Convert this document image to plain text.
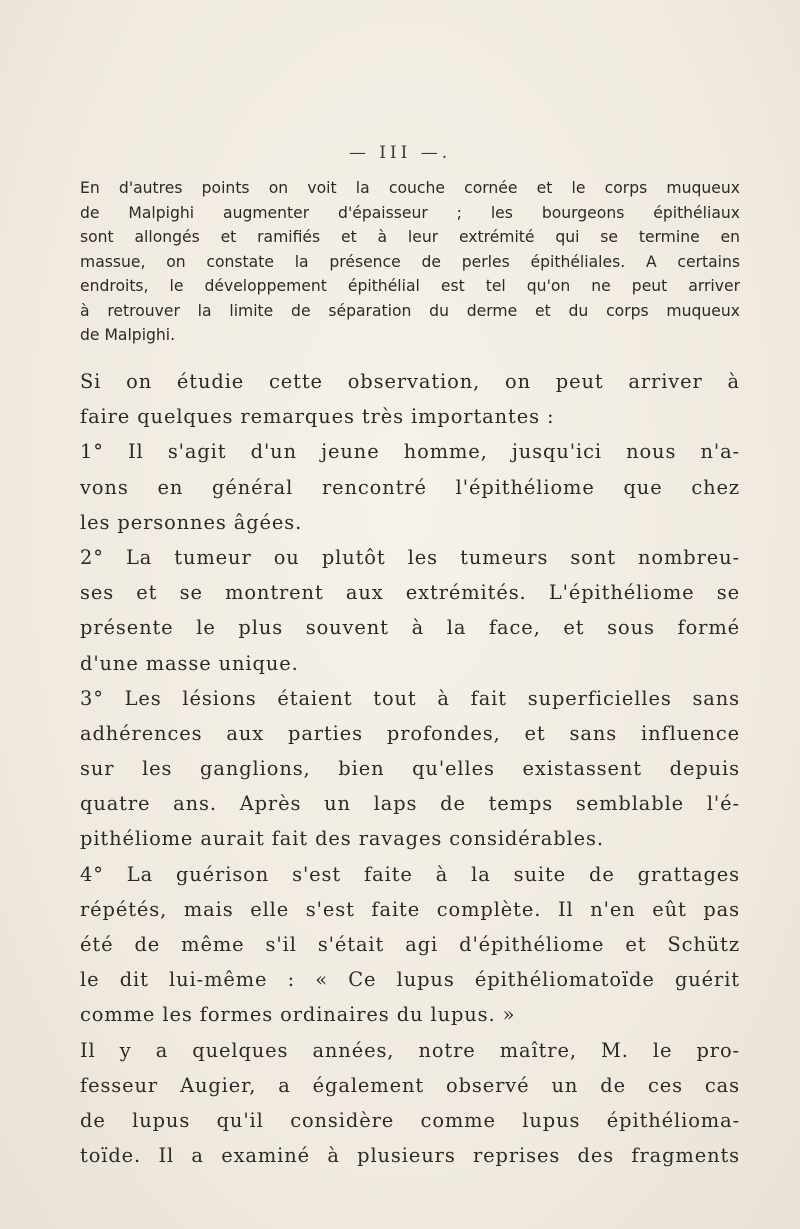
— III —.
En d'autres points on voit la couche cornée et le corps muqueux
de Malpighi augmenter d'épaisseur ; les bourgeons épithéliaux
sont allongés et ramifiés et à leur extrémité qui se termine en
massue, on constate la présence de perles épithéliales. A certains
endroits, le développement épithélial est tel qu'on ne peut arriver
à retrouver la limite de séparation du derme et du corps muqueux
de Malpighi.
Si on étudie cette observation, on peut arriver à
faire quelques remarques très importantes :
1° Il s'agit d'un jeune homme, jusqu'ici nous n'a-
vons en général rencontré l'épithéliome que chez
les personnes âgées.
2° La tumeur ou plutôt les tumeurs sont nombreu-
ses et se montrent aux extrémités. L'épithéliome se
présente le plus souvent à la face, et sous formé
d'une masse unique.
3° Les lésions étaient tout à fait superficielles sans
adhérences aux parties profondes, et sans influence
sur les ganglions, bien qu'elles existassent depuis
quatre ans. Après un laps de temps semblable l'é-
pithéliome aurait fait des ravages considérables.
4° La guérison s'est faite à la suite de grattages
répétés, mais elle s'est faite complète. Il n'en eût pas
été de même s'il s'était agi d'épithéliome et Schütz
le dit lui-même : « Ce lupus épithéliomatoïde guérit
comme les formes ordinaires du lupus. »
Il y a quelques années, notre maître, M. le pro-
fesseur Augier, a également observé un de ces cas
de lupus qu'il considère comme lupus épithélioma-
toïde. Il a examiné à plusieurs reprises des fragments
